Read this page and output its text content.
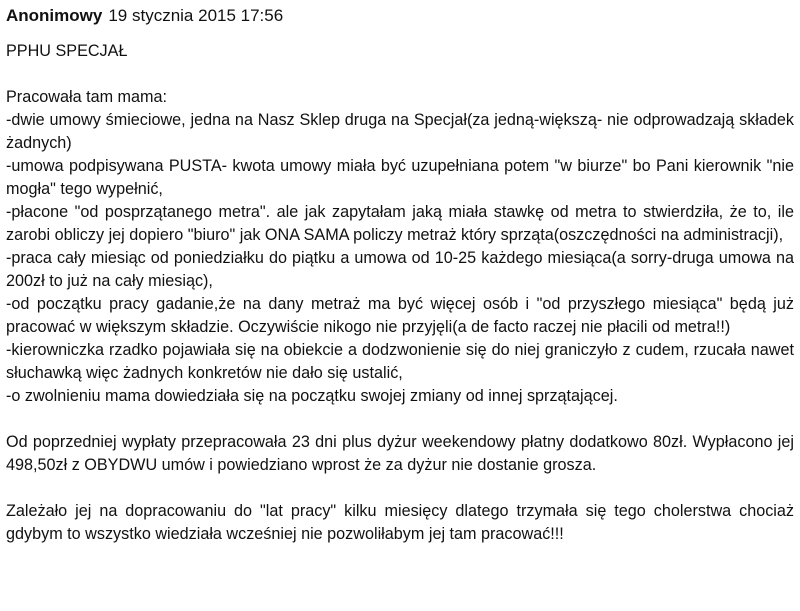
Anonimowy 19 stycznia 2015 17:56

PPHU SPECJAŁ

Pracowała tam mama:

-dwie umowy śmieciowe, jedna na Nasz Sklep druga na Specjał(za jedną-większą- nie odprowadzają składek żadnych)

-umowa podpisywana PUSTA- kwota umowy miała być uzupełniana potem "w biurze" bo Pani kierownik "nie mogła" tego wypełnić,

-płacone "od posprzątanego metra". ale jak zapytałam jaką miała stawkę od metra to stwierdziła, że to, ile zarobi obliczy jej dopiero "biuro" jak ONA SAMA policzy metraż który sprząta(oszczędności na administracji),

-praca cały miesiąc od poniedziałku do piątku a umowa od 10-25 każdego miesiąca(a sorry-druga umowa na 200zł to już na cały miesiąc),

-od początku pracy gadanie,że na dany metraż ma być więcej osób i "od przyszłego miesiąca" będą już pracować w większym składzie. Oczywiście nikogo nie przyjęli(a de facto raczej nie płacili od metra!!)

-kierowniczka rzadko pojawiała się na obiekcie a dodzwonienie się do niej graniczyło z cudem, rzucała nawet słuchawką więc żadnych konkretów nie dało się ustalić,

-o zwolnieniu mama dowiedziała się na początku swojej zmiany od innej sprzątającej.

Od poprzedniej wypłaty przepracowała 23 dni plus dyżur weekendowy płatny dodatkowo 80zł. Wypłacono jej 498,50zł z OBYDWU umów i powiedziano wprost że za dyżur nie dostanie grosza.

Zależało jej na dopracowaniu do "lat pracy" kilku miesięcy dlatego trzymała się tego cholerstwa chociaż gdybym to wszystko wiedziała wcześniej nie pozwoliłabym jej tam pracować!!!
